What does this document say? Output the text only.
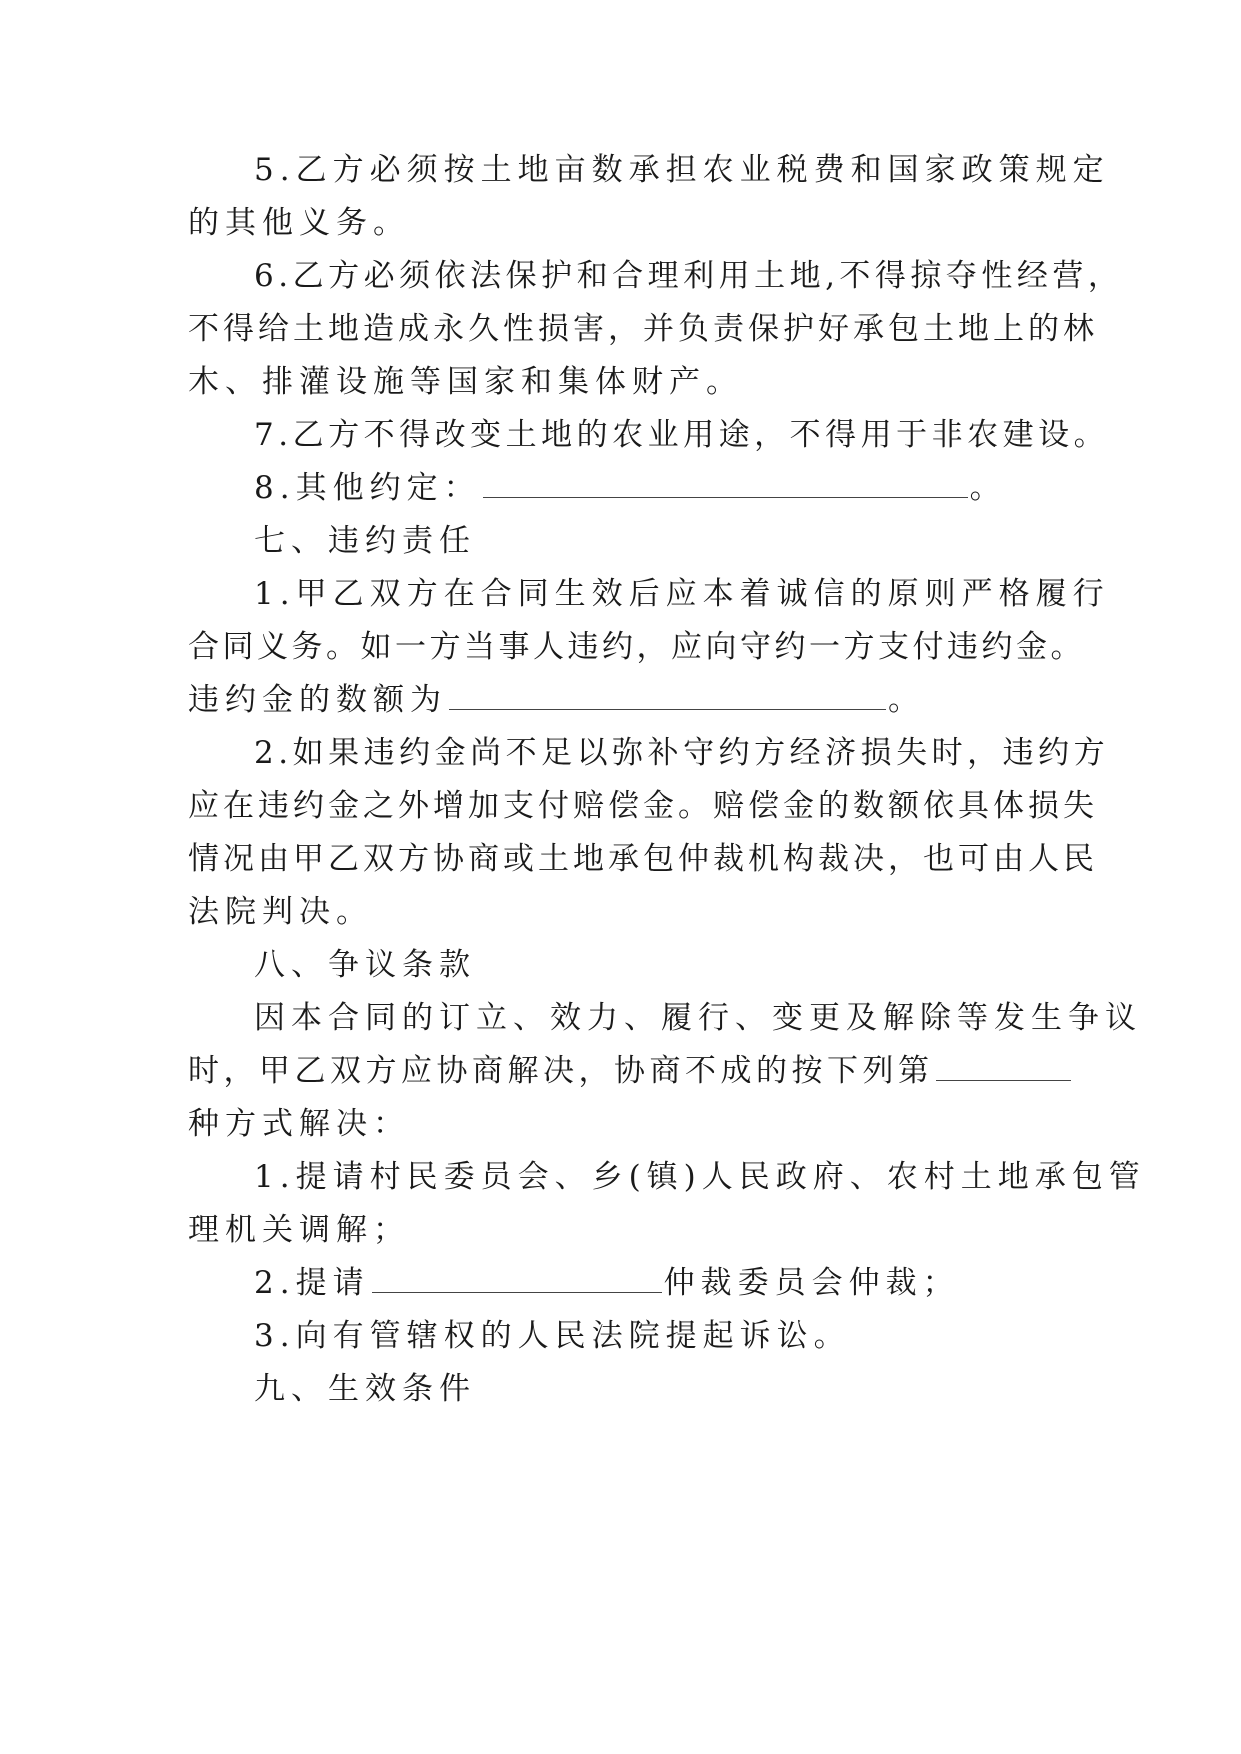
5.乙方必须按土地亩数承担农业税费和国家政策规定
的其他义务。
6.乙方必须依法保护和合理利用土地,不得掠夺性经营，
不得给土地造成永久性损害，并负责保护好承包土地上的林
木、排灌设施等国家和集体财产。
7.乙方不得改变土地的农业用途，不得用于非农建设。
8.其他约定：	。
七、违约责任
1.甲乙双方在合同生效后应本着诚信的原则严格履行
合同义务。如一方当事人违约，应向守约一方支付违约金。
违约金的数额为	。
2.如果违约金尚不足以弥补守约方经济损失时，违约方
应在违约金之外增加支付赔偿金。赔偿金的数额依具体损失
情况由甲乙双方协商或土地承包仲裁机构裁决，也可由人民
法院判决。
八、争议条款
因本合同的订立、效力、履行、变更及解除等发生争议
时，甲乙双方应协商解决，协商不成的按下列第
种方式解决：
1.提请村民委员会、乡(镇)人民政府、农村土地承包管
理机关调解；
2.提请	仲裁委员会仲裁；
3.向有管辖权的人民法院提起诉讼。
九、生效条件
